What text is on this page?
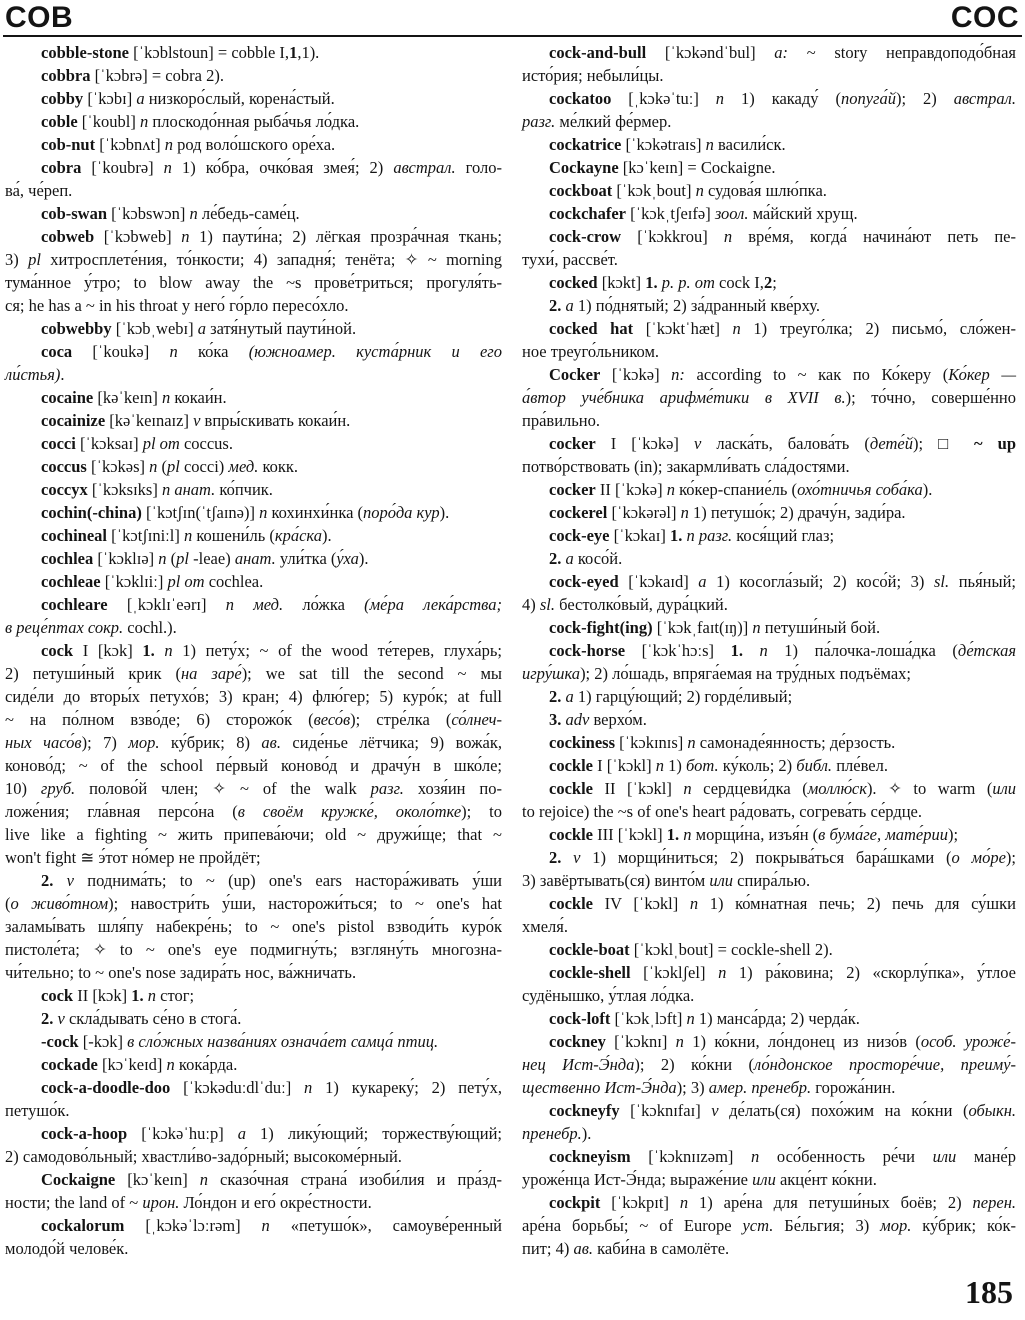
COB	COC
cobble-stone [ˈkɔblstoun] = cobble I,1,1).
cobbra [ˈkɔbrə] = cobra 2).
cobby [ˈkɔbɪ] a низкоро́слый, корена́стый.
coble [ˈkoubl] n плоскодо́нная рыба́чья ло́дка.
cob-nut [ˈkɔbnʌt] n род воло́шского оре́ха.
cobra [ˈkoubrə] n 1) ко́бра, очко́вая змея́; 2) австрал. голо-
ва́, че́реп.
cob-swan [ˈkɔbswɔn] n ле́бедь-саме́ц.
cobweb [ˈkɔbweb] n 1) паути́на; 2) лёгкая прозра́чная ткань;
3) pl хитросплете́ния, то́нкости; 4) западня́; тенёта; ✧ ~ morning
тума́нное у́тро; to blow away the ~s прове́триться; прогуля́ть-
ся; he has a ~ in his throat у него́ го́рло пересо́хло.
cobwebby [ˈkɔbˌwebɪ] a затя́нутый паути́ной.
coca [ˈkoukə] n ко́ка (южноамер. куста́рник и его
ли́стья).
cocaine [kəˈkeɪn] n кокаи́н.
cocainize [kəˈkeɪnaɪz] v впры́скивать кокаи́н.
cocci [ˈkɔksaɪ] pl от coccus.
coccus [ˈkɔkəs] n (pl cocci) мед. кокк.
coccyx [ˈkɔksɪks] n анат. ко́пчик.
cochin(-china) [ˈkɔtʃɪn(ˈtʃaɪnə)] n кохинхи́нка (поро́да кур).
cochineal [ˈkɔtʃɪniːl] n кошени́ль (кра́ска).
cochlea [ˈkɔklɪə] n (pl -leae) анат. ули́тка (у́ха).
cochleae [ˈkɔklɪiː] pl от cochlea.
cochleare [ˌkɔklɪˈeərɪ] n мед. ло́жка (ме́ра лека́рства;
в реце́птах сокр. cochl.).
cock I [kɔk] 1. n 1) пету́х; ~ of the wood те́терев, глуха́рь;
2) петуши́ный крик (на заре́); we sat till the second ~ мы
сиде́ли до вторы́х петухо́в; 3) кран; 4) флю́гер; 5) куро́к; at full
~ на по́лном взво́де; 6) сторожо́к (весо́в); стре́лка (со́лнеч-
ных часо́в); 7) мор. ку́брик; 8) ав. сиде́нье лётчика; 9) вожа́к,
коново́д; ~ of the school пе́рвый коново́д и драчу́н в шко́ле;
10) груб. полово́й член; ✧ ~ of the walk разг. хозя́ин по-
ложе́ния; гла́вная персо́на (в своём кружке́, около́тке); to
live like a fighting ~ жить припева́ючи; old ~ дружи́ще; that ~
won't fight ≅ э́тот но́мер не пройдёт;
2. v поднима́ть; to ~ (up) one's ears настора́живать у́ши
(о живо́тном); навостри́ть у́ши, насторожи́ться; to ~ one's hat
заламы́вать шля́пу набекре́нь; to ~ one's pistol взводи́ть куро́к
пистоле́та; ✧ to ~ one's eye подмигну́ть; взгляну́ть многозна-
чи́тельно; to ~ one's nose задира́ть нос, ва́жничать.
cock II [kɔk] 1. n стог;
2. v скла́дывать се́но в стога́.
-cock [-kɔk] в сло́жных назва́ниях означа́ет самца́ птиц.
cockade [kɔˈkeɪd] n кока́рда.
cock-a-doodle-doo [ˈkɔkəduːdlˈduː] n 1) кукареку́; 2) пету́х,
петушо́к.
cock-a-hoop [ˈkɔkəˈhuːp] a 1) лику́ющий; торжеству́ющий;
2) самодово́льный; хвастли́во-задо́рный; высокоме́рный.
Cockaigne [kɔˈkeɪn] n сказо́чная страна́ изоби́лия и пра́зд-
ности; the land of ~ ирон. Ло́ндон и его́ окре́стности.
cockalorum [ˌkɔkəˈlɔːrəm] n «петушо́к», самоуве́ренный
молодо́й челове́к.
cock-and-bull [ˈkɔkəndˈbul] a: ~ story неправдоподо́бная
исто́рия; небыли́цы.
cockatoo [ˌkɔkəˈtuː] n 1) какаду́ (попуга́й); 2) австрал.
разг. ме́лкий фе́рмер.
cockatrice [ˈkɔkətraɪs] n васили́ск.
Cockayne [kɔˈkeɪn] = Cockaigne.
cockboat [ˈkɔkˌbout] n судова́я шлю́пка.
cockchafer [ˈkɔkˌtʃeɪfə] зоол. ма́йский хрущ.
cock-crow [ˈkɔkkrou] n вре́мя, когда́ начина́ют петь пе-
тухи́, рассве́т.
cocked [kɔkt] 1. p. p. от cock I,2;
2. a 1) по́днятый; 2) за́дранный кве́рху.
cocked hat [ˈkɔktˈhæt] n 1) треуго́лка; 2) письмо́, сло́жен-
ное треуго́льником.
Cocker [ˈkɔkə] n: according to ~ как по Ко́керу (Ко́кер —
а́втор уче́бника арифме́тики в XVII в.); то́чно, соверше́нно
пра́вильно.
cocker I [ˈkɔkə] v ласка́ть, балова́ть (дете́й); □ ~ up
потво́рствовать (in); закармли́вать сла́достями.
cocker II [ˈkɔkə] n ко́кер-спание́ль (охо́тничья соба́ка).
cockerel [ˈkɔkərəl] n 1) петушо́к; 2) драчу́н, зади́ра.
cock-eye [ˈkɔkaɪ] 1. n разг. кося́щий глаз;
2. a косо́й.
cock-eyed [ˈkɔkaɪd] a 1) косогла́зый; 2) косо́й; 3) sl. пья́ный;
4) sl. бестолко́вый, дура́цкий.
cock-fight(ing) [ˈkɔkˌfaɪt(ɪŋ)] n петуши́ный бой.
cock-horse [ˈkɔkˈhɔːs] 1. n 1) па́лочка-лоша́дка (де́тская
игру́шка); 2) ло́шадь, впряга́емая на тру́дных подъёмах;
2. a 1) гарцу́ющий; 2) горде́ливый;
3. adv верхо́м.
cockiness [ˈkɔkɪnɪs] n самонаде́янность; де́рзость.
cockle I [ˈkɔkl] n 1) бот. ку́коль; 2) библ. пле́вел.
cockle II [ˈkɔkl] n сердцеви́дка (моллю́ск). ✧ to warm (или
to rejoice) the ~s of one's heart ра́довать, согрева́ть се́рдце.
cockle III [ˈkɔkl] 1. n морщи́на, изъя́н (в бума́ге, мате́рии);
2. v 1) морщи́ниться; 2) покрыва́ться бара́шками (о мо́ре);
3) завёртывать(ся) винто́м или спира́лью.
cockle IV [ˈkɔkl] n 1) ко́мнатная печь; 2) печь для су́шки
хмеля́.
cockle-boat [ˈkɔklˌbout] = cockle-shell 2).
cockle-shell [ˈkɔklʃel] n 1) ра́ковина; 2) «скорлу́пка», у́тлое
судёнышко, у́тлая ло́дка.
cock-loft [ˈkɔkˌlɔft] n 1) манса́рда; 2) черда́к.
cockney [ˈkɔknɪ] n 1) ко́кни, ло́ндонец из низо́в (особ. уроже́-
нец Ист-Э́нда); 2) ко́кни (ло́ндонское просторе́чие, преиму́-
щественно Ист-Э́нда); 3) амер. пренебр. горожа́нин.
cockneyfy [ˈkɔknɪfaɪ] v де́лать(ся) похо́жим на ко́кни (обыкн.
пренебр.).
cockneyism [ˈkɔknɪɪzəm] n осо́бенность ре́чи или мане́р
уроже́нца Ист-Э́нда; выраже́ние или акце́нт ко́кни.
cockpit [ˈkɔkpɪt] n 1) аре́на для петуши́ных боёв; 2) перен.
аре́на борьбы́; ~ of Europe уст. Бе́льгия; 3) мор. ку́брик; ко́к-
пит; 4) ав. каби́на в самолёте.
185
